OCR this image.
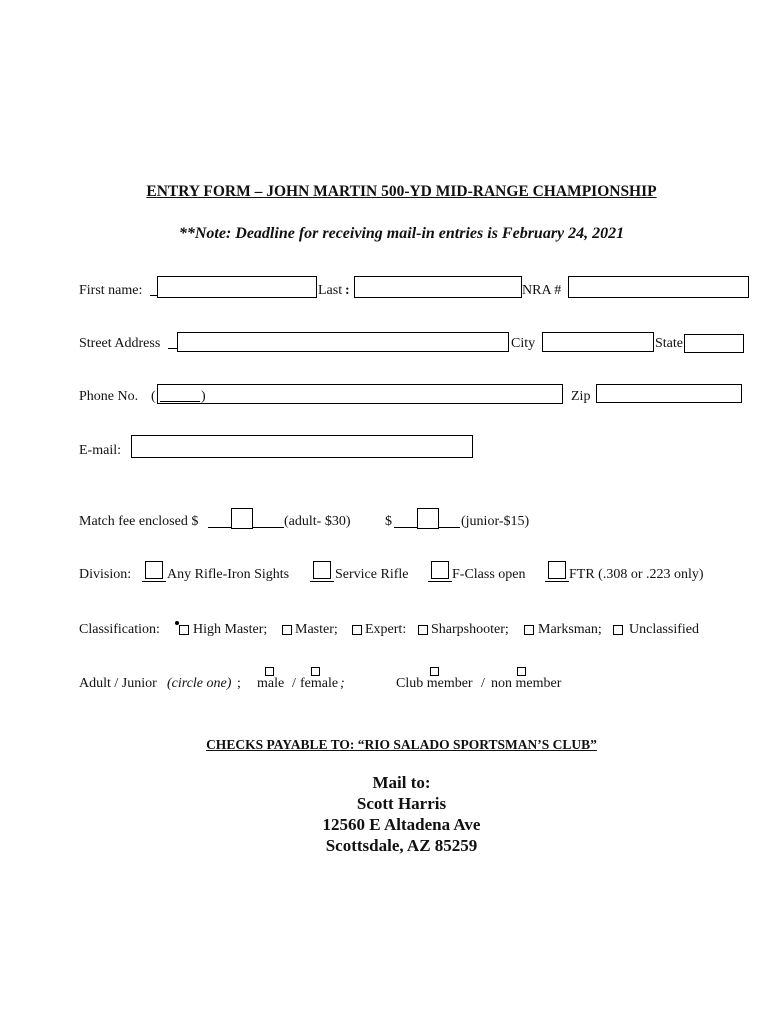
ENTRY FORM – JOHN MARTIN 500-YD MID-RANGE CHAMPIONSHIP
**Note: Deadline for receiving mail-in entries is February 24, 2021
First name:	Last :	NRA #
Street Address	City	State
Phone No. (	)	Zip
E-mail:
Match fee enclosed $	(adult- $30) $	(junior-$15)
Division:	Any Rifle-Iron Sights	Service Rifle	F-Class open	FTR (.308 or .223 only)
Classification: High Master; Master; Expert: Sharpshooter; Marksman; Unclassified
Adult / Junior (circle one) ; male / female ;	Club member / non member
CHECKS PAYABLE TO: “RIO SALADO SPORTSMAN’S CLUB”
Mail to:
Scott Harris
12560 E Altadena Ave
Scottsdale, AZ 85259
